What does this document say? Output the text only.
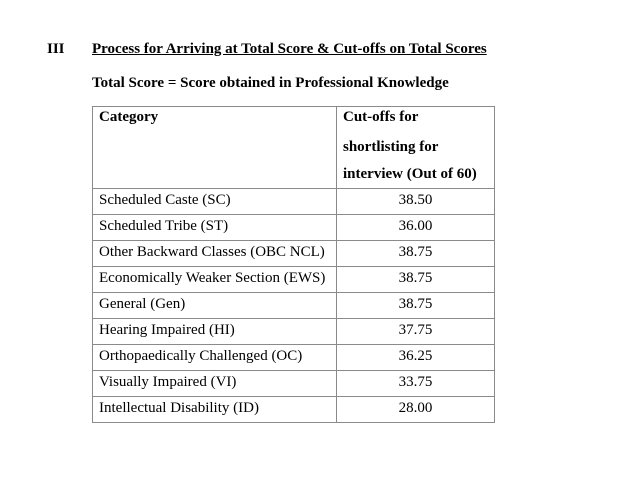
III Process for Arriving at Total Score & Cut-offs on Total Scores
Total Score = Score obtained in Professional Knowledge
Category	Cut-offs for
shortlisting for
interview (Out of 60)

Scheduled Caste (SC)	38.50
Scheduled Tribe (ST)	36.00
Other Backward Classes (OBC NCL)	38.75
Economically Weaker Section (EWS)	38.75
General (Gen)	38.75
Hearing Impaired (HI)	37.75
Orthopaedically Challenged (OC)	36.25
Visually Impaired (VI)	33.75
Intellectual Disability (ID)	28.00
